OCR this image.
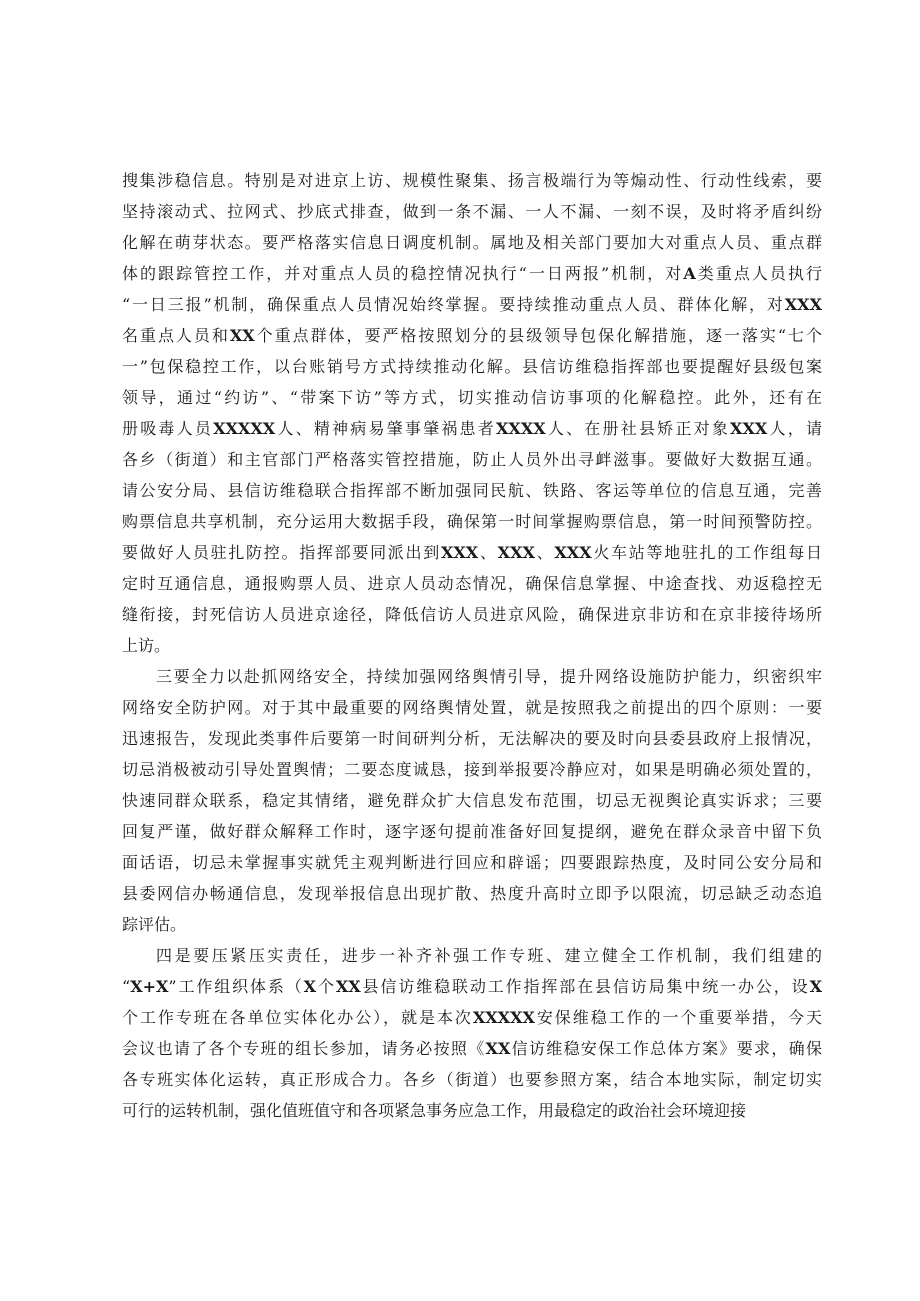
搜集涉稳信息。特别是对进京上访、规模性聚集、扬言极端行为等煽动性、行动性线索，要
坚持滚动式、拉网式、抄底式排查，做到一条不漏、一人不漏、一刻不误，及时将矛盾纠纷
化解在萌芽状态。要严格落实信息日调度机制。属地及相关部门要加大对重点人员、重点群
体的跟踪管控工作，并对重点人员的稳控情况执行“一日两报”机制，对A类重点人员执行
“一日三报”机制，确保重点人员情况始终掌握。要持续推动重点人员、群体化解，对XXX
名重点人员和XX个重点群体，要严格按照划分的县级领导包保化解措施，逐一落实“七个
一”包保稳控工作，以台账销号方式持续推动化解。县信访维稳指挥部也要提醒好县级包案
领导，通过“约访”、“带案下访”等方式，切实推动信访事项的化解稳控。此外，还有在
册吸毒人员XXXXX人、精神病易肇事肇祸患者XXXX人、在册社县矫正对象XXX人，请
各乡（街道）和主官部门严格落实管控措施，防止人员外出寻衅滋事。要做好大数据互通。
请公安分局、县信访维稳联合指挥部不断加强同民航、铁路、客运等单位的信息互通，完善
购票信息共享机制，充分运用大数据手段，确保第一时间掌握购票信息，第一时间预警防控。
要做好人员驻扎防控。指挥部要同派出到XXX、XXX、XXX火车站等地驻扎的工作组每日
定时互通信息，通报购票人员、进京人员动态情况，确保信息掌握、中途查找、劝返稳控无
缝衔接，封死信访人员进京途径，降低信访人员进京风险，确保进京非访和在京非接待场所
上访。
三要全力以赴抓网络安全，持续加强网络舆情引导，提升网络设施防护能力，织密织牢
网络安全防护网。对于其中最重要的网络舆情处置，就是按照我之前提出的四个原则：一要
迅速报告，发现此类事件后要第一时间研判分析，无法解决的要及时向县委县政府上报情况，
切忌消极被动引导处置舆情；二要态度诚恳，接到举报要冷静应对，如果是明确必须处置的，
快速同群众联系，稳定其情绪，避免群众扩大信息发布范围，切忌无视舆论真实诉求；三要
回复严谨，做好群众解释工作时，逐字逐句提前准备好回复提纲，避免在群众录音中留下负
面话语，切忌未掌握事实就凭主观判断进行回应和辟谣；四要跟踪热度，及时同公安分局和
县委网信办畅通信息，发现举报信息出现扩散、热度升高时立即予以限流，切忌缺乏动态追
踪评估。
四是要压紧压实责任，进步一补齐补强工作专班、建立健全工作机制，我们组建的
“X+X”工作组织体系（X个XX县信访维稳联动工作指挥部在县信访局集中统一办公，设X
个工作专班在各单位实体化办公），就是本次XXXXX安保维稳工作的一个重要举措，今天
会议也请了各个专班的组长参加，请务必按照《XX信访维稳安保工作总体方案》要求，确保
各专班实体化运转，真正形成合力。各乡（街道）也要参照方案，结合本地实际，制定切实
可行的运转机制，强化值班值守和各项紧急事务应急工作，用最稳定的政治社会环境迎接
